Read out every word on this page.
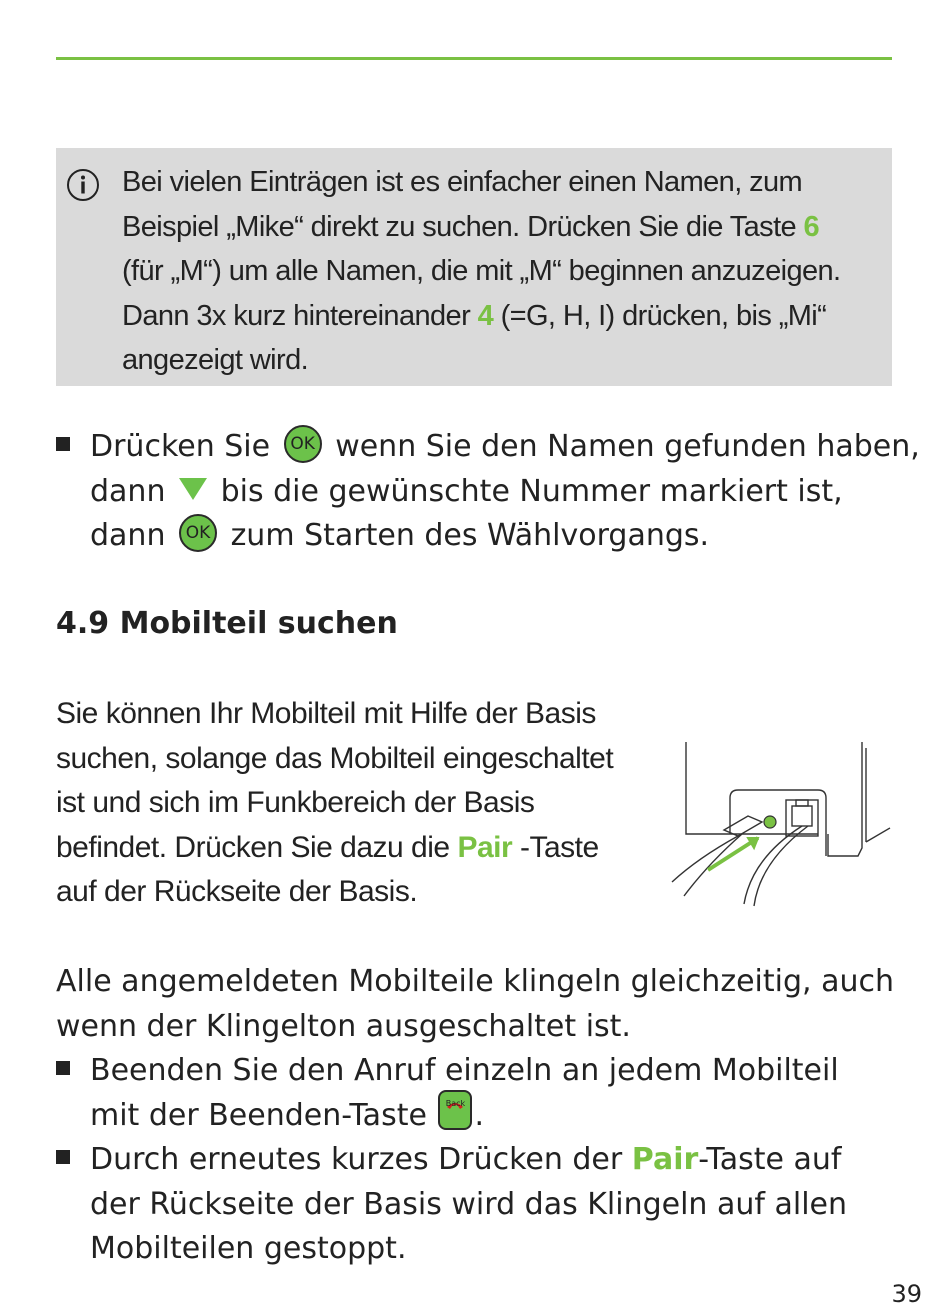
Bei vielen Einträgen ist es einfacher einen Namen, zum
Beispiel „Mike“ direkt zu suchen. Drücken Sie die Taste 6
(für „M“) um alle Namen, die mit „M“ beginnen anzuzeigen.
Dann 3x kurz hintereinander 4 (=G, H, I) drücken, bis „Mi“
angezeigt wird.
Drücken Sie OK wenn Sie den Namen gefunden haben,
dann bis die gewünschte Nummer markiert ist,
dann OK zum Starten des Wählvorgangs.
4.9 Mobilteil suchen
Sie können Ihr Mobilteil mit Hilfe der Basis
suchen, solange das Mobilteil eingeschaltet
ist und sich im Funkbereich der Basis
befindet. Drücken Sie dazu die Pair -Taste
auf der Rückseite der Basis.
Alle angemeldeten Mobilteile klingeln gleichzeitig, auch
wenn der Klingelton ausgeschaltet ist.
Beenden Sie den Anruf einzeln an jedem Mobilteil
mit der Beenden-Taste	Back .
Durch erneutes kurzes Drücken der Pair-Taste auf
der Rückseite der Basis wird das Klingeln auf allen
Mobilteilen gestoppt.
39
